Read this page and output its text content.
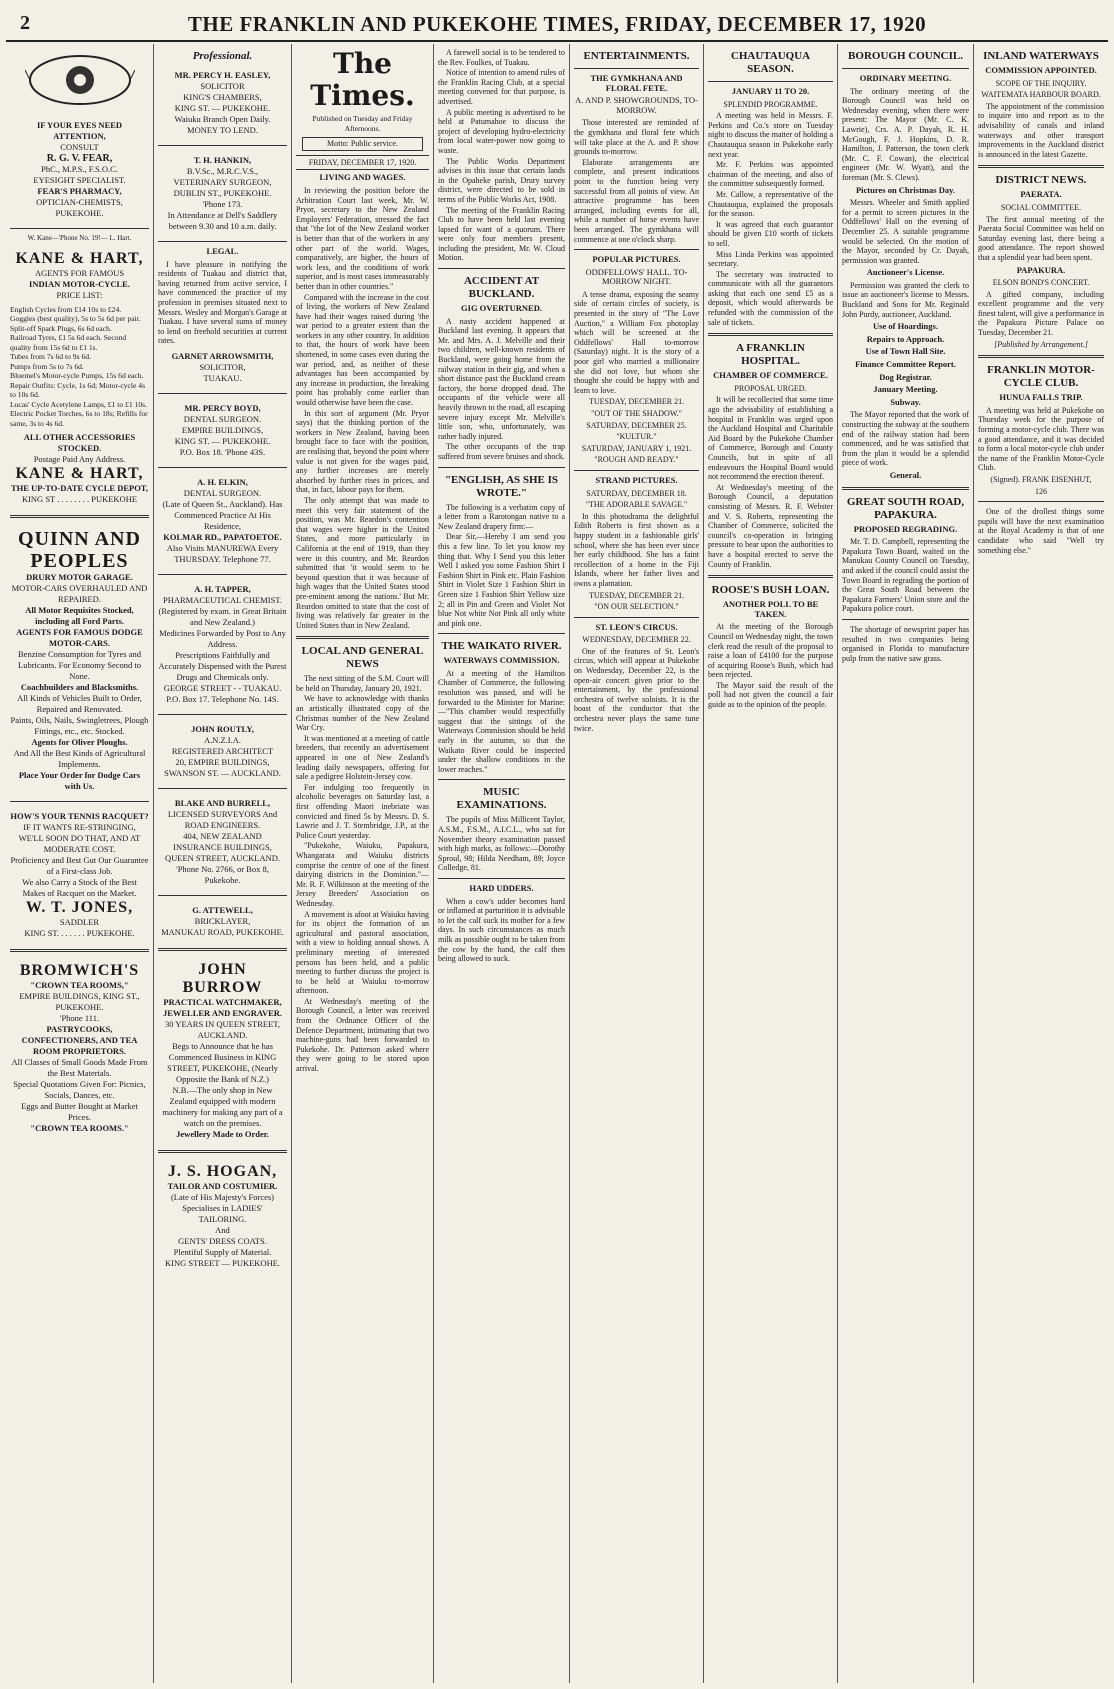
2	THE FRANKLIN AND PUKEKOHE TIMES, FRIDAY, DECEMBER 17, 1920
IF YOUR EYES NEED ATTENTION,
CONSULT
R. G. V. FEAR,
PhC., M.P.S., F.S.O.C.
EYESIGHT SPECIALIST.
FEAR'S PHARMACY,
OPTICIAN-CHEMISTS,
PUKEKOHE.
W. Kane—'Phone No. 19!— L. Hart.
KANE & HART,
AGENTS FOR FAMOUS
INDIAN MOTOR-CYCLE.
PRICE LIST:
English Cycles from £14 10s to £24.
Goggles (best quality), 5s to 5s 6d per pair.
Split-off Spark Plugs, 6s 6d each.
Railroad Tyres, £1 5s 6d each. Second quality from 15s 6d to £1 1s.
Tubes from 7s 6d to 9s 6d.
Pumps from 5s to 7s 6d.
Bluemel's Motor-cycle Pumps, 15s 6d each.
Repair Outfits: Cycle, 1s 6d; Motor-cycle 4s to 10s 6d.
Lucas' Cycle Acetylene Lamps, £1 to £1 10s.
Electric Pocket Torches, 6s to 18s; Refills for same, 3s to 4s 6d.
ALL OTHER ACCESSORIES STOCKED.
Postage Paid Any Address.
KANE & HART,
THE UP-TO-DATE CYCLE DEPOT,
KING ST . . . . . . . . PUKEKOHE
QUINN AND PEOPLES
DRURY MOTOR GARAGE.
MOTOR-CARS OVERHAULED AND REPAIRED.
All Motor Requisites Stocked, including all Ford Parts.
AGENTS FOR FAMOUS DODGE MOTOR-CARS.
Benzine Consumption for Tyres and Lubricants. For Economy Second to None.
Coachbuilders and Blacksmiths.
All Kinds of Vehicles Built to Order, Repaired and Renovated.
Paints, Oils, Nails, Swingletrees, Plough Fittings, etc., etc. Stocked.
Agents for Oliver Ploughs.
And All the Best Kinds of Agricultural Implements.
Place Your Order for Dodge Cars with Us.
HOW'S YOUR TENNIS RACQUET?
IF IT WANTS RE-STRINGING, WE'LL SOON DO THAT, AND AT MODERATE COST.
Proficiency and Best Gut Our Guarantee of a First-class Job.
We also Carry a Stock of the Best Makes of Racquet on the Market.
W. T. JONES,
SADDLER
KING ST. . . . . . . PUKEKOHE.
BROMWICH'S
"CROWN TEA ROOMS,"
EMPIRE BUILDINGS, KING ST., PUKEKOHE.
'Phone 111.
PASTRYCOOKS, CONFECTIONERS, AND TEA ROOM PROPRIETORS.
All Classes of Small Goods Made From the Best Materials.
Special Quotations Given For: Picnics, Socials, Dances, etc.
Eggs and Butter Bought at Market Prices.
"CROWN TEA ROOMS."
Professional.
MR. PERCY H. EASLEY,
SOLICITOR
KING'S CHAMBERS,
KING ST. — PUKEKOHE.
Waiuku Branch Open Daily.
MONEY TO LEND.
T. H. HANKIN,
B.V.Sc., M.R.C.V.S.,
VETERINARY SURGEON,
DUBLIN ST., PUKEKOHE.
'Phone 173.
In Attendance at Dell's Saddlery between 9.30 and 10 a.m. daily.
LEGAL.

I have pleasure in notifying the residents of Tuakau and district that, having returned from active service, I have commenced the practice of my profession in premises situated next to Messrs. Wesley and Morgan's Garage at Tuakau. I have several sums of money to lend on freehold securities at current rates.

GARNET ARROWSMITH,
SOLICITOR,
TUAKAU.
MR. PERCY BOYD,
DENTAL SURGEON.
EMPIRE BUILDINGS,
KING ST. — PUKEKOHE.
P.O. Box 18. 'Phone 43S.
A. H. ELKIN,
DENTAL SURGEON.
(Late of Queen St., Auckland). Has Commenced Practice At His Residence,
KOLMAR RD., PAPATOETOE.
Also Visits MANUREWA Every THURSDAY. Telephone 77.
A. H. TAPPER,
PHARMACEUTICAL CHEMIST.
(Registered by exam. in Great Britain and New Zealand.)
Medicines Forwarded by Post to Any Address.
Prescriptions Faithfully and Accurately Dispensed with the Purest Drugs and Chemicals only.
GEORGE STREET - - TUAKAU.
P.O. Box 17. Telephone No. 14S.
JOHN ROUTLY,
A.N.Z.I.A.
REGISTERED ARCHITECT
20, EMPIRE BUILDINGS,
SWANSON ST. — AUCKLAND.
BLAKE AND BURRELL,
LICENSED SURVEYORS And ROAD ENGINEERS.
404, NEW ZEALAND INSURANCE BUILDINGS,
QUEEN STREET, AUCKLAND.
'Phone No. 2766, or Box 8, Pukekohe.
G. ATTEWELL,
BRICKLAYER,
MANUKAU ROAD, PUKEKOHE.
JOHN BURROW
PRACTICAL WATCHMAKER, JEWELLER AND ENGRAVER.
30 YEARS IN QUEEN STREET, AUCKLAND.
Begs to Announce that he has Commenced Business in KING STREET, PUKEKOHE, (Nearly Opposite the Bank of N.Z.)
N.B.—The only shop in New Zealand equipped with modern machinery for making any part of a watch on the premises.
Jewellery Made to Order.
J. S. HOGAN,
TAILOR AND COSTUMIER.
(Late of His Majesty's Forces)
Specialises in LADIES' TAILORING.
And
GENTS' DRESS COATS.
Plentiful Supply of Material.
KING STREET — PUKEKOHE.
The Times.
Published on Tuesday and Friday Afternoons.
Motto: Public service.
FRIDAY, DECEMBER 17, 1920.
LIVING AND WAGES.

In reviewing the position before the Arbitration Court last week, Mr. W. Pryor, secretary to the New Zealand Employers' Federation, stressed the fact that "the lot of the New Zealand worker is better than that of the workers in any other part of the world. Wages, comparatively, are higher, the hours of work less, and the conditions of work superior, and is most cases immeasurably better than in other countries."

Compared with the increase in the cost of living, the workers of New Zealand have had their wages raised during 'the war period to a greater extent than the workers in any other country. In addition to that, the hours of work have been shortened, in some cases even during the war period, and, as neither of these advantages has been accompanied by any increase in production, the breaking point has probably come earlier than would otherwise have been the case.

In this sort of argument (Mr. Pryor says) that the thinking portion of the workers in New Zealand, having been brought face to face with the position, are realising that, beyond the point where value is not given for the wages paid, any further increases are merely absorbed by further rises in prices, and that, in fact, labour pays for them.

The only attempt that was made to meet this very fair statement of the position, was Mr. Reardon's contention that wages were higher in the United States, and more particularly in California at the end of 1919, than they were in this country, and Mr. Reardon submitted that 'it would seem to be beyond question that it was because of high wages that the United States stood pre-eminent among the nations.' But Mr. Reardon omitted to state that the cost of living was relatively far greater in the United States than in New Zealand.

LOCAL AND GENERAL NEWS

The next sitting of the S.M. Court will be held on Thursday, January 20, 1921.

We have to acknowledge with thanks an artistically illustrated copy of the Christmas number of the New Zealand War Cry.

It was mentioned at a meeting of cattle breeders, that recently an advertisement appeared in one of New Zealand's leading daily newspapers, offering for sale a pedigree Holstein-Jersey cow.

For indulging too frequently in alcoholic beverages on Saturday last, a first offending Maori inebriate was convicted and fined 5s by Messrs. D. S. Lawrie and J. T. Stembridge, J.P., at the Police Court yesterday.

"Pukekohe, Waiuku, Papakura, Whangarata and Waiuku districts comprise the centre of one of the finest dairying districts in the Dominion."—Mr. R. F. Wilkinson at the meeting of the Jersey Breeders' Association on Wednesday.

A movement is afoot at Waiuku having for its object the formation of an agricultural and pastoral association, with a view to holding annual shows. A preliminary meeting of interested persons has been held, and a public meeting to further discuss the project is to be held at Waiuku to-morrow afternoon.

At Wednesday's meeting of the Borough Council, a letter was received from the Ordnance Officer of the Defence Department, intimating that two machine-guns had been forwarded to Pukekohe. Dr. Patterson asked where they were going to be stored upon arrival.

A farewell social is to be tendered to the Rev. Foulkes, of Tuakau.

Notice of intention to amend rules of the Franklin Racing Club, at a special meeting convened for that purpose, is advertised.

A public meeting is advertised to be held at Patumahoe to discuss the project of developing hydro-electricity from local water-power now going to waste.

The Public Works Department advises in this issue that certain lands in the Opaheke parish, Drury survey district, were directed to be sold in terms of the Public Works Act, 1908.

The meeting of the Franklin Racing Club to have been held last evening lapsed for want of a quorum. There were only four members present, including the president, Mr. W. Cloud Motion.

ACCIDENT AT BUCKLAND.
GIG OVERTURNED.

A nasty accident happened at Buckland last evening. It appears that Mr. and Mrs. A. J. Melville and their two children, well-known residents of Buckland, were going home from the railway station in their gig, and when a short distance past the Buckland cream factory, the horse dropped dead. The occupants of the vehicle were all heavily thrown to the road, all escaping severe injury except Mr. Melville's little son, who, unfortunately, was rather badly injured.

The other occupants of the trap suffered from severe bruises and shock.

"ENGLISH, AS SHE IS WROTE."

The following is a verbatim copy of a letter from a Rarotongan native to a New Zealand drapery firm:—

Dear Sir,—Hereby I am send you this a few line. To let you know my thing that. Why I Send you this letter Well I asked you some Fashion Shirt I Fashion Shirt in Pink etc. Plain Fashion Shirt in Violet Size 1 Fashion Shirt in Green size 1 Fashion Shirt Yellow size 2; all in Pin and Green and Violet Not blue Not white Not Pink all only white and pink one.

THE WAIKATO RIVER.
WATERWAYS COMMISSION.

At a meeting of the Hamilton Chamber of Commerce, the following resolution was passed, and will be forwarded to the Minister for Marine:—"This chamber would respectfully suggest that the sittings of the Waterways Commission should be held early in the autumn, so that the Waikato River could be inspected under the shallow conditions in the lower reaches."

MUSIC EXAMINATIONS.

The pupils of Miss Millicent Taylor, A.S.M., F.S.M., A.I.C.L., who sat for November theory examination passed with high marks, as follows:—Dorothy Sproul, 98; Hilda Needham, 89; Joyce Colledge, 81.

HARD UDDERS.

When a cow's udder becomes hard or inflamed at parturition it is advisable to let the calf suck its mother for a few days. In such circumstances as much milk as possible ought to be taken from the cow by the hand, the calf then being allowed to suck.

ENTERTAINMENTS.
THE GYMKHANA AND FLORAL FETE.
A. AND P. SHOWGROUNDS, TO-MORROW.

Those interested are reminded of the gymkhana and floral fete which will take place at the A. and P. show grounds to-morrow.

Elaborate arrangements are complete, and present indications point to the function being very successful from all points of view. An attractive programme has been arranged, including events for all, while a number of horse events have been arranged. The gymkhana will commence at one o'clock sharp.

POPULAR PICTURES.
ODDFELLOWS' HALL. TO-MORROW NIGHT.

A tense drama, exposing the seamy side of certain circles of society, is presented in the story of "The Love Auction," a William Fox photoplay which will be screened at the Oddfellows' Hall to-morrow (Saturday) night. It is the story of a poor girl who married a millionaire she did not love, but whom she thought she could be happy with and learn to love.

TUESDAY, DECEMBER 21.
"OUT OF THE SHADOW."
SATURDAY, DECEMBER 25.
"KULTUR."
SATURDAY, JANUARY 1, 1921.
"ROUGH AND READY."
STRAND PICTURES.
SATURDAY, DECEMBER 18.
"THE ADORABLE SAVAGE."

In this photodrama the delightful Edith Roberts is first shown as a happy student in a fashionable girls' school, where she has been ever since her early childhood. She has a faint recollection of a home in the Fiji Islands, where her father lives and owns a plantation.

TUESDAY, DECEMBER 21.
"ON OUR SELECTION."
ST. LEON'S CIRCUS.
WEDNESDAY, DECEMBER 22.

One of the features of St. Leon's circus, which will appear at Pukekohe on Wednesday, December 22, is the open-air concert given prior to the entertainment, by the professional orchestra of twelve soloists. It is the boast of the conductor that the orchestra never plays the same tune twice.

CHAUTAUQUA SEASON.
JANUARY 11 TO 20.
SPLENDID PROGRAMME.

A meeting was held in Messrs. F. Perkins and Co.'s store on Tuesday night to discuss the matter of holding a Chautauqua season in Pukekohe early next year.

Mr. F. Perkins was appointed chairman of the meeting, and also of the committee subsequently formed.

Mr. Callow, a representative of the Chautauqua, explained the proposals for the season.

It was agreed that each guarantor should be given £10 worth of tickets to sell.

Miss Linda Perkins was appointed secretary.

The secretary was instructed to communicate with all the guarantors asking that each one send £5 as a deposit, which would afterwards be refunded with the commission of the sale of tickets.

A FRANKLIN HOSPITAL.
CHAMBER OF COMMERCE.
PROPOSAL URGED.

It will be recollected that some time ago the advisability of establishing a hospital in Franklin was urged upon the Auckland Hospital and Charitable Aid Board by the Pukekohe Chamber of Commerce, Borough and County Councils, but in spite of all endeavours the Hospital Board would not recommend the erection thereof.

At Wednesday's meeting of the Borough Council, a deputation consisting of Messrs. R. F. Webster and V. S. Roberts, representing the Chamber of Commerce, solicited the council's co-operation in bringing pressure to bear upon the authorities to have a hospital erected to serve the County of Franklin.

ROOSE'S BUSH LOAN.
ANOTHER POLL TO BE TAKEN.

At the meeting of the Borough Council on Wednesday night, the town clerk read the result of the proposal to raise a loan of £4100 for the purpose of acquiring Roose's Bush, which had been rejected.

The Mayor said the result of the poll had not given the council a fair guide as to the opinion of the people.

BOROUGH COUNCIL.
ORDINARY MEETING.

The ordinary meeting of the Borough Council was held on Wednesday evening, when there were present: The Mayor (Mr. C. K. Lawrie), Crs. A. P. Dayah, R. H. McGough, F. J. Hopkins, D. R. Hamilton, J. Patterson, the town clerk (Mr. C. F. Cowan), the electrical engineer (Mr. W. Wyatt), and the foreman (Mr. S. Clews).

Pictures on Christmas Day.

Messrs. Wheeler and Smith applied for a permit to screen pictures in the Oddfellows' Hall on the evening of December 25. A suitable programme would be selected. On the motion of the Mayor, seconded by Cr. Dayah, permission was granted.

Auctioneer's License.

Permission was granted the clerk to issue an auctioneer's license to Messrs. Buckland and Sons for Mr. Reginald John Purdy, auctioneer, Auckland.

Use of Hoardings.
Repairs to Approach.
Use of Town Hall Site.
Finance Committee Report.
Dog Registrar.
January Meeting.
Subway.

The Mayor reported that the work of constructing the subway at the southern end of the railway station had been commenced, and he was satisfied that from the plan it would be a splendid piece of work.

General.
GREAT SOUTH ROAD, PAPAKURA.
PROPOSED REGRADING.

Mr. T. D. Campbell, representing the Papakura Town Board, waited on the Manukau County Council on Tuesday, and asked if the council could assist the Town Board in regrading the portion of the Great South Road between the Papakura Farmers' Union store and the Papakura police court.

The shortage of newsprint paper has resulted in two companies being organised in Florida to manufacture pulp from the native saw grass.

INLAND WATERWAYS
COMMISSION APPOINTED.
SCOPE OF THE INQUIRY.
WAITEMATA HARBOUR BOARD.

The appointment of the commission to inquire into and report as to the advisability of canals and inland waterways and other transport improvements in the Auckland district is announced in the latest Gazette.

DISTRICT NEWS.
PAERATA.
SOCIAL COMMITTEE.

The first annual meeting of the Paerata Social Committee was held on Saturday evening last, there being a good attendance. The report showed that a splendid year had been spent.

PAPAKURA.
ELSON BOND'S CONCERT.

A gifted company, including excellent programme and the very finest talent, will give a performance in the Papakura Picture Palace on Tuesday, December 21.

[Published by Arrangement.]
FRANKLIN MOTOR-CYCLE CLUB.
HUNUA FALLS TRIP.

A meeting was held at Pukekohe on Thursday week for the purpose of forming a motor-cycle club. There was a good attendance, and it was decided to form a local motor-cycle club under the name of the Franklin Motor-Cycle Club.

(Signed). FRANK EISENHUT,
126

One of the drollest things some pupils will have the next examination at the Royal Academy is that of one candidate who said "Well try something else."
